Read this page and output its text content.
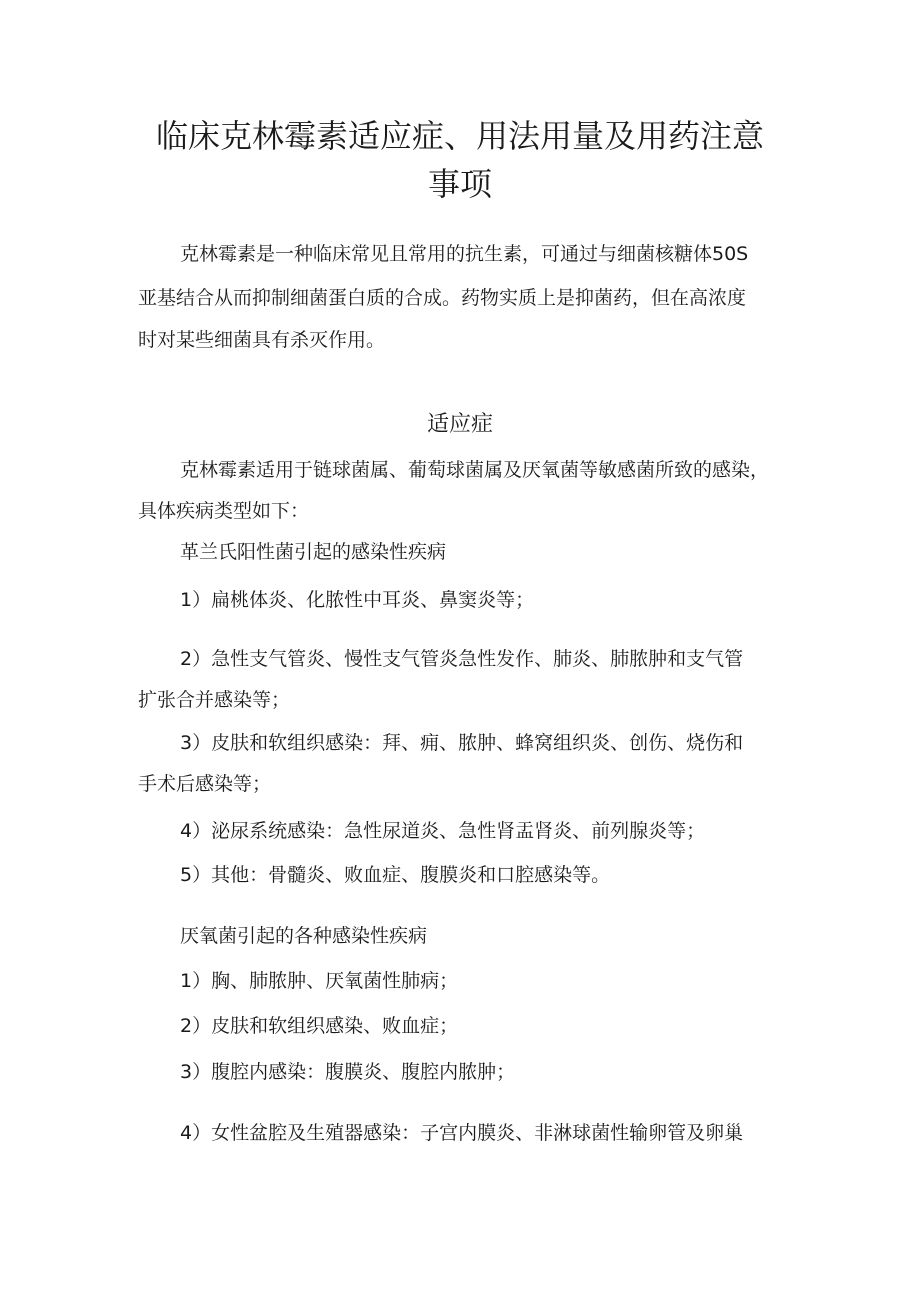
临床克林霉素适应症、用法用量及用药注意
事项
克林霉素是一种临床常见且常用的抗生素，可通过与细菌核糖体50S
亚基结合从而抑制细菌蛋白质的合成。药物实质上是抑菌药，但在高浓度
时对某些细菌具有杀灭作用。
适应症
克林霉素适用于链球菌属、葡萄球菌属及厌氧菌等敏感菌所致的感染，
具体疾病类型如下：
革兰氏阳性菌引起的感染性疾病
1）扁桃体炎、化脓性中耳炎、鼻窦炎等；
2）急性支气管炎、慢性支气管炎急性发作、肺炎、肺脓肿和支气管
扩张合并感染等；
3）皮肤和软组织感染：拜、痈、脓肿、蜂窝组织炎、创伤、烧伤和
手术后感染等；
4）泌尿系统感染：急性尿道炎、急性肾盂肾炎、前列腺炎等；
5）其他：骨髓炎、败血症、腹膜炎和口腔感染等。
厌氧菌引起的各种感染性疾病
1）胸、肺脓肿、厌氧菌性肺病；
2）皮肤和软组织感染、败血症；
3）腹腔内感染：腹膜炎、腹腔内脓肿；
4）女性盆腔及生殖器感染：子宫内膜炎、非淋球菌性输卵管及卵巢
